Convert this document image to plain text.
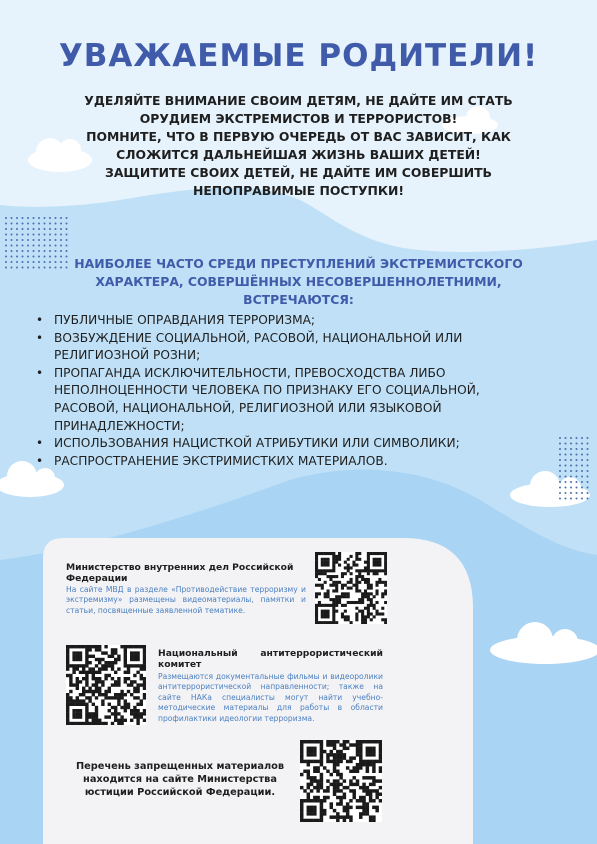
УВАЖАЕМЫЕ РОДИТЕЛИ!

УДЕЛЯЙТЕ ВНИМАНИЕ СВОИМ ДЕТЯМ, НЕ ДАЙТЕ ИМ СТАТЬ
ОРУДИЕМ ЭКСТРЕМИСТОВ И ТЕРРОРИСТОВ!
ПОМНИТЕ, ЧТО В ПЕРВУЮ ОЧЕРЕДЬ ОТ ВАС ЗАВИСИТ, КАК
СЛОЖИТСЯ ДАЛЬНЕЙШАЯ ЖИЗНЬ ВАШИХ ДЕТЕЙ!
ЗАЩИТИТЕ СВОИХ ДЕТЕЙ, НЕ ДАЙТЕ ИМ СОВЕРШИТЬ
НЕПОПРАВИМЫЕ ПОСТУПКИ!

НАИБОЛЕЕ ЧАСТО СРЕДИ ПРЕСТУПЛЕНИЙ ЭКСТРЕМИСТСКОГО
ХАРАКТЕРА, СОВЕРШЁННЫХ НЕСОВЕРШЕННОЛЕТНИМИ,
ВСТРЕЧАЮТСЯ:

• ПУБЛИЧНЫЕ ОПРАВДАНИЯ ТЕРРОРИЗМА;
• ВОЗБУЖДЕНИЕ СОЦИАЛЬНОЙ, РАСОВОЙ, НАЦИОНАЛЬНОЙ ИЛИ РЕЛИГИОЗНОЙ РОЗНИ;
• ПРОПАГАНДА ИСКЛЮЧИТЕЛЬНОСТИ, ПРЕВОСХОДСТВА ЛИБО НЕПОЛНОЦЕННОСТИ ЧЕЛОВЕКА ПО ПРИЗНАКУ ЕГО СОЦИАЛЬНОЙ, РАСОВОЙ, НАЦИОНАЛЬНОЙ, РЕЛИГИОЗНОЙ ИЛИ ЯЗЫКОВОЙ ПРИНАДЛЕЖНОСТИ;
• ИСПОЛЬЗОВАНИЯ НАЦИСТКОЙ АТРИБУТИКИ ИЛИ СИМВОЛИКИ;
• РАСПРОСТРАНЕНИЕ ЭКСТРИМИСТКИХ МАТЕРИАЛОВ.

Министерство внутренних дел Российской Федерации

На сайте МВД в разделе «Противодействие терроризму и экстремизму» размещены видеоматериалы, памятки и статьи, посвященные заявленной тематике.

Национальный антитеррористический комитет

Размещаются документальные фильмы и видеоролики антитеррористической направленности; также на сайте НАКа специалисты могут найти учебно-методические материалы для работы в области профилактики идеологии терроризма.

Перечень запрещенных материалов находится на сайте Министерства юстиции Российской Федерации.
